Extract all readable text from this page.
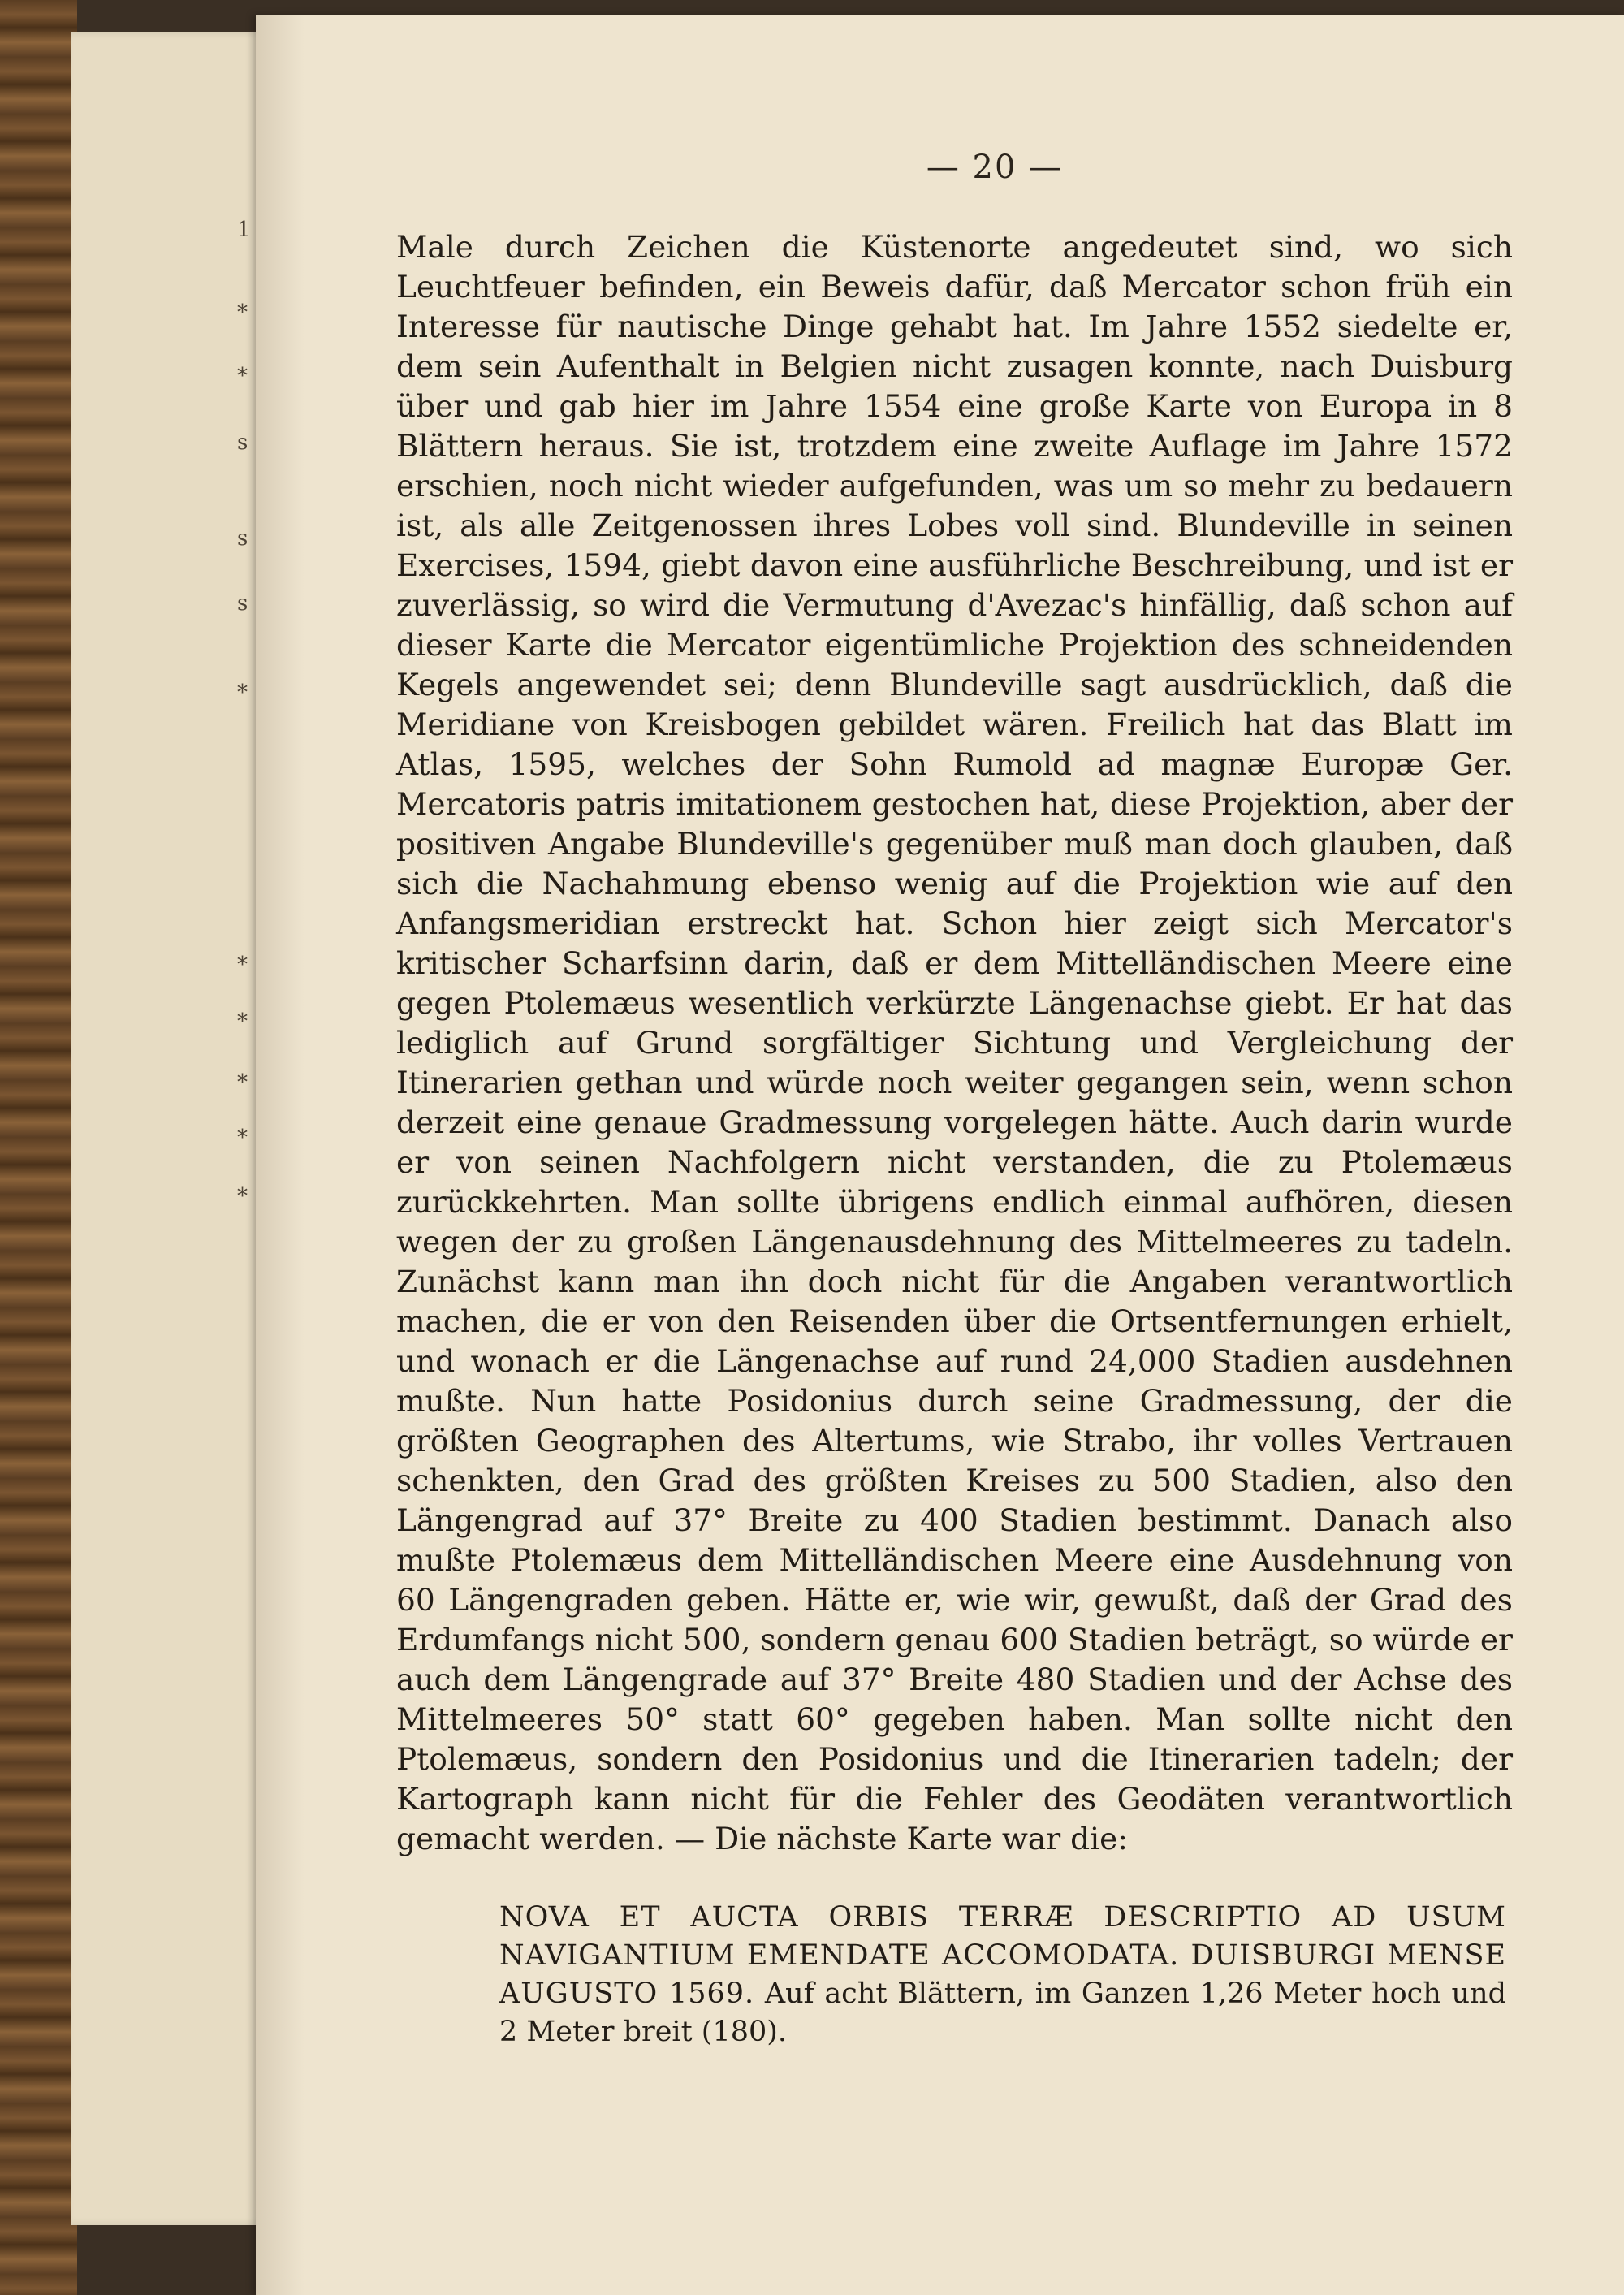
1
*
*
s
s
s
*
*
*
*
*
*
— 20 —

Male durch Zeichen die Küstenorte angedeutet sind, wo sich Leuchtfeuer befinden, ein Beweis dafür, daß Mercator schon früh ein Interesse für nautische Dinge gehabt hat. Im Jahre 1552 siedelte er, dem sein Aufenthalt in Belgien nicht zusagen konnte, nach Duisburg über und gab hier im Jahre 1554 eine große Karte von Europa in 8 Blättern heraus. Sie ist, trotzdem eine zweite Auflage im Jahre 1572 erschien, noch nicht wieder aufgefunden, was um so mehr zu bedauern ist, als alle Zeitgenossen ihres Lobes voll sind. Blundeville in seinen Exercises, 1594, giebt davon eine ausführliche Beschreibung, und ist er zuverlässig, so wird die Vermutung d'Avezac's hinfällig, daß schon auf dieser Karte die Mercator eigentümliche Projektion des schneidenden Kegels angewendet sei; denn Blundeville sagt ausdrücklich, daß die Meridiane von Kreisbogen gebildet wären. Freilich hat das Blatt im Atlas, 1595, welches der Sohn Rumold ad magnæ Europæ Ger. Mercatoris patris imitationem gestochen hat, diese Projektion, aber der positiven Angabe Blundeville's gegenüber muß man doch glauben, daß sich die Nachahmung ebenso wenig auf die Projektion wie auf den Anfangsmeridian erstreckt hat. Schon hier zeigt sich Mercator's kritischer Scharfsinn darin, daß er dem Mittelländischen Meere eine gegen Ptolemæus wesentlich verkürzte Längenachse giebt. Er hat das lediglich auf Grund sorgfältiger Sichtung und Vergleichung der Itinerarien gethan und würde noch weiter gegangen sein, wenn schon derzeit eine genaue Gradmessung vorgelegen hätte. Auch darin wurde er von seinen Nachfolgern nicht verstanden, die zu Ptolemæus zurückkehrten. Man sollte übrigens endlich einmal aufhören, diesen wegen der zu großen Längenausdehnung des Mittelmeeres zu tadeln. Zunächst kann man ihn doch nicht für die Angaben verantwortlich machen, die er von den Reisenden über die Ortsentfernungen erhielt, und wonach er die Längenachse auf rund 24,000 Stadien ausdehnen mußte. Nun hatte Posidonius durch seine Gradmessung, der die größten Geographen des Altertums, wie Strabo, ihr volles Vertrauen schenkten, den Grad des größten Kreises zu 500 Stadien, also den Längengrad auf 37° Breite zu 400 Stadien bestimmt. Danach also mußte Ptolemæus dem Mittelländischen Meere eine Ausdehnung von 60 Längengraden geben. Hätte er, wie wir, gewußt, daß der Grad des Erdumfangs nicht 500, sondern genau 600 Stadien beträgt, so würde er auch dem Längengrade auf 37° Breite 480 Stadien und der Achse des Mittelmeeres 50° statt 60° gegeben haben. Man sollte nicht den Ptolemæus, sondern den Posidonius und die Itinerarien tadeln; der Kartograph kann nicht für die Fehler des Geodäten verantwortlich gemacht werden. — Die nächste Karte war die:

NOVA ET AUCTA ORBIS TERRÆ DESCRIPTIO AD USUM NAVIGANTIUM EMENDATE ACCOMODATA. DUISBURGI MENSE AUGUSTO 1569. Auf acht Blättern, im Ganzen 1,26 Meter hoch und 2 Meter breit (180).
